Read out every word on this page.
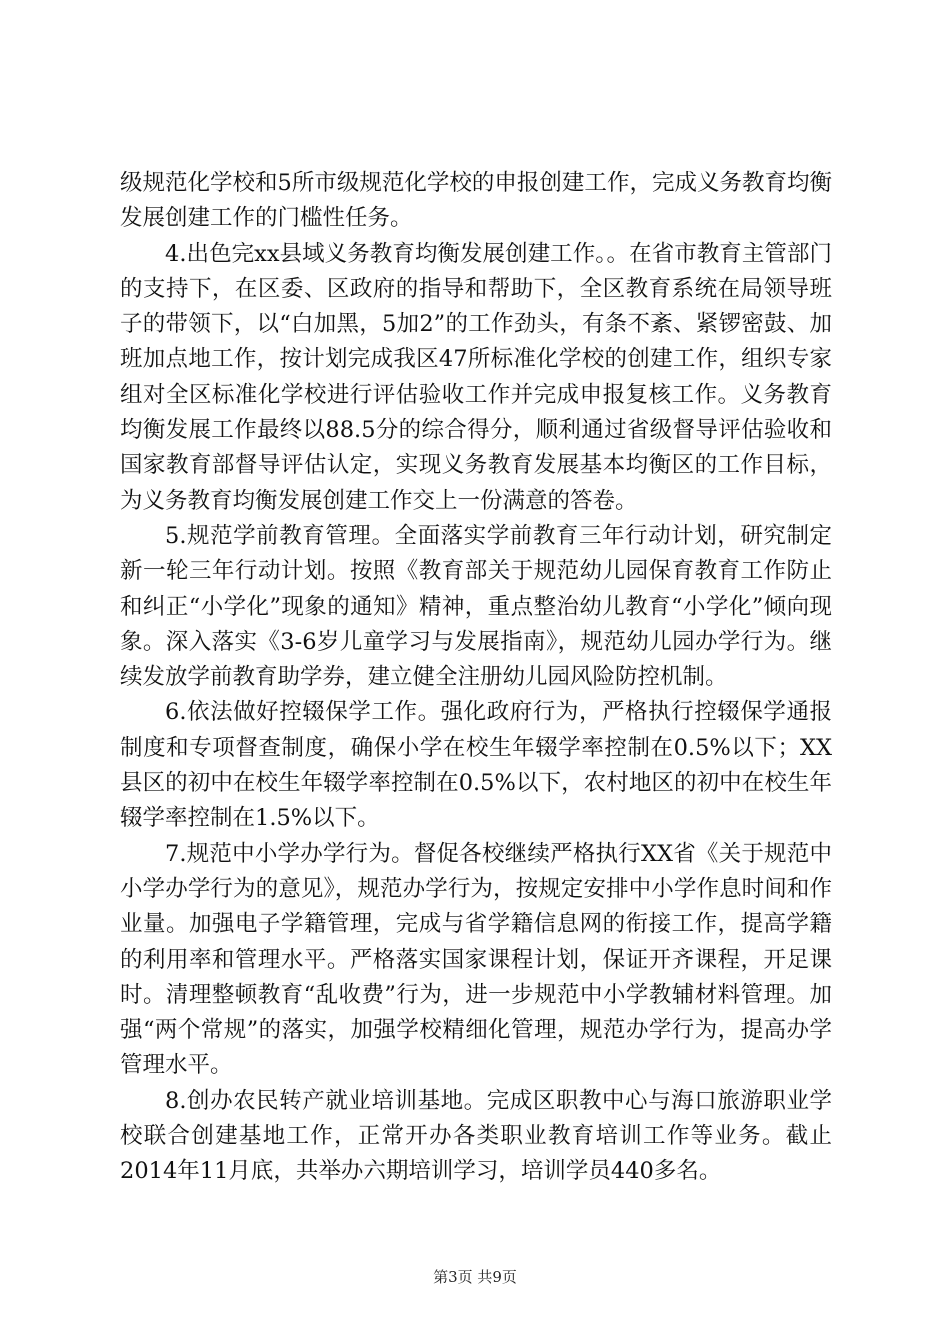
级规范化学校和5所市级规范化学校的申报创建工作，完成义务教育均衡发展创建工作的门槛性任务。

4.出色完xx县域义务教育均衡发展创建工作。。在省市教育主管部门的支持下，在区委、区政府的指导和帮助下，全区教育系统在局领导班子的带领下，以“白加黑，5加2”的工作劲头，有条不紊、紧锣密鼓、加班加点地工作，按计划完成我区47所标准化学校的创建工作，组织专家组对全区标准化学校进行评估验收工作并完成申报复核工作。义务教育均衡发展工作最终以88.5分的综合得分，顺利通过省级督导评估验收和国家教育部督导评估认定，实现义务教育发展基本均衡区的工作目标，为义务教育均衡发展创建工作交上一份满意的答卷。

5.规范学前教育管理。全面落实学前教育三年行动计划，研究制定新一轮三年行动计划。按照《教育部关于规范幼儿园保育教育工作防止和纠正“小学化”现象的通知》精神，重点整治幼儿教育“小学化”倾向现象。深入落实《3-6岁儿童学习与发展指南》，规范幼儿园办学行为。继续发放学前教育助学券，建立健全注册幼儿园风险防控机制。

6.依法做好控辍保学工作。强化政府行为，严格执行控辍保学通报制度和专项督查制度，确保小学在校生年辍学率控制在0.5%以下；XX县区的初中在校生年辍学率控制在0.5%以下，农村地区的初中在校生年辍学率控制在1.5%以下。

7.规范中小学办学行为。督促各校继续严格执行XX省《关于规范中小学办学行为的意见》，规范办学行为，按规定安排中小学作息时间和作业量。加强电子学籍管理，完成与省学籍信息网的衔接工作，提高学籍的利用率和管理水平。严格落实国家课程计划，保证开齐课程，开足课时。清理整顿教育“乱收费”行为，进一步规范中小学教辅材料管理。加强“两个常规”的落实，加强学校精细化管理，规范办学行为，提高办学管理水平。

8.创办农民转产就业培训基地。完成区职教中心与海口旅游职业学校联合创建基地工作，正常开办各类职业教育培训工作等业务。截止2014年11月底，共举办六期培训学习，培训学员440多名。

第3页 共9页
